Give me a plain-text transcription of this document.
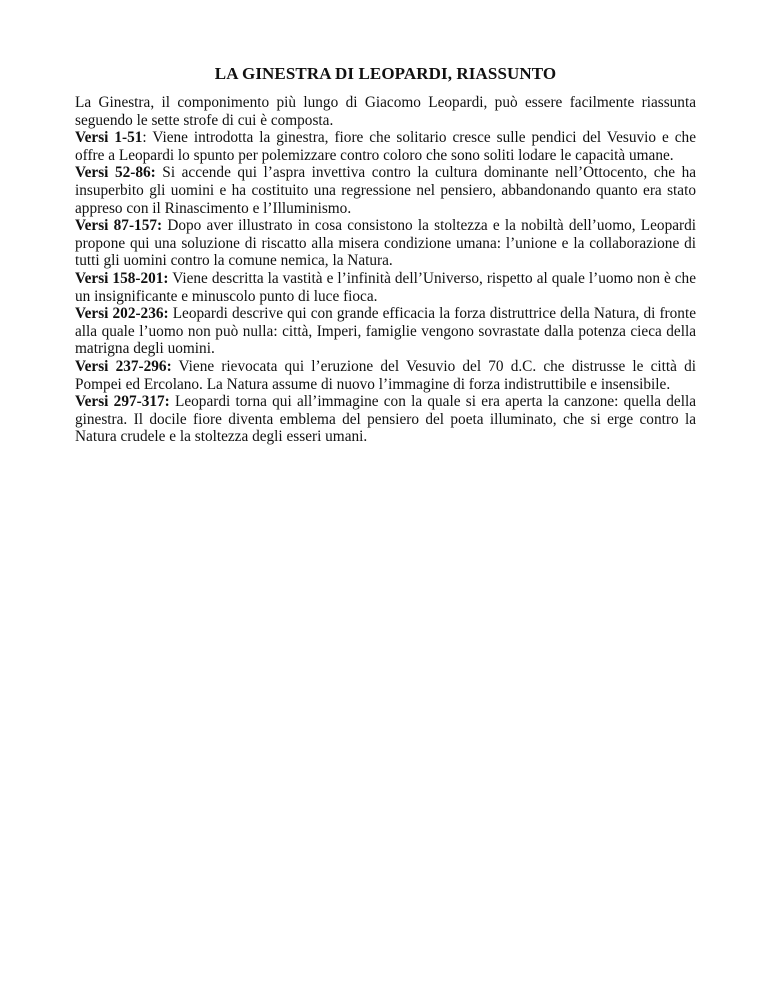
LA GINESTRA DI LEOPARDI, RIASSUNTO

La Ginestra, il componimento più lungo di Giacomo Leopardi, può essere facilmente riassunta seguendo le sette strofe di cui è composta.

Versi 1-51: Viene introdotta la ginestra, fiore che solitario cresce sulle pendici del Vesuvio e che offre a Leopardi lo spunto per polemizzare contro coloro che sono soliti lodare le capacità umane.

Versi 52-86: Si accende qui l’aspra invettiva contro la cultura dominante nell’Ottocento, che ha insuperbito gli uomini e ha costituito una regressione nel pensiero, abbandonando quanto era stato appreso con il Rinascimento e l’Illuminismo.

Versi 87-157: Dopo aver illustrato in cosa consistono la stoltezza e la nobiltà dell’uomo, Leopardi propone qui una soluzione di riscatto alla misera condizione umana: l’unione e la collaborazione di tutti gli uomini contro la comune nemica, la Natura.

Versi 158-201: Viene descritta la vastità e l’infinità dell’Universo, rispetto al quale l’uomo non è che un insignificante e minuscolo punto di luce fioca.

Versi 202-236: Leopardi descrive qui con grande efficacia la forza distruttrice della Natura, di fronte alla quale l’uomo non può nulla: città, Imperi, famiglie vengono sovrastate dalla potenza cieca della matrigna degli uomini.

Versi 237-296: Viene rievocata qui l’eruzione del Vesuvio del 70 d.C. che distrusse le città di Pompei ed Ercolano. La Natura assume di nuovo l’immagine di forza indistruttibile e insensibile.

Versi 297-317: Leopardi torna qui all’immagine con la quale si era aperta la canzone: quella della ginestra. Il docile fiore diventa emblema del pensiero del poeta illuminato, che si erge contro la Natura crudele e la stoltezza degli esseri umani.
